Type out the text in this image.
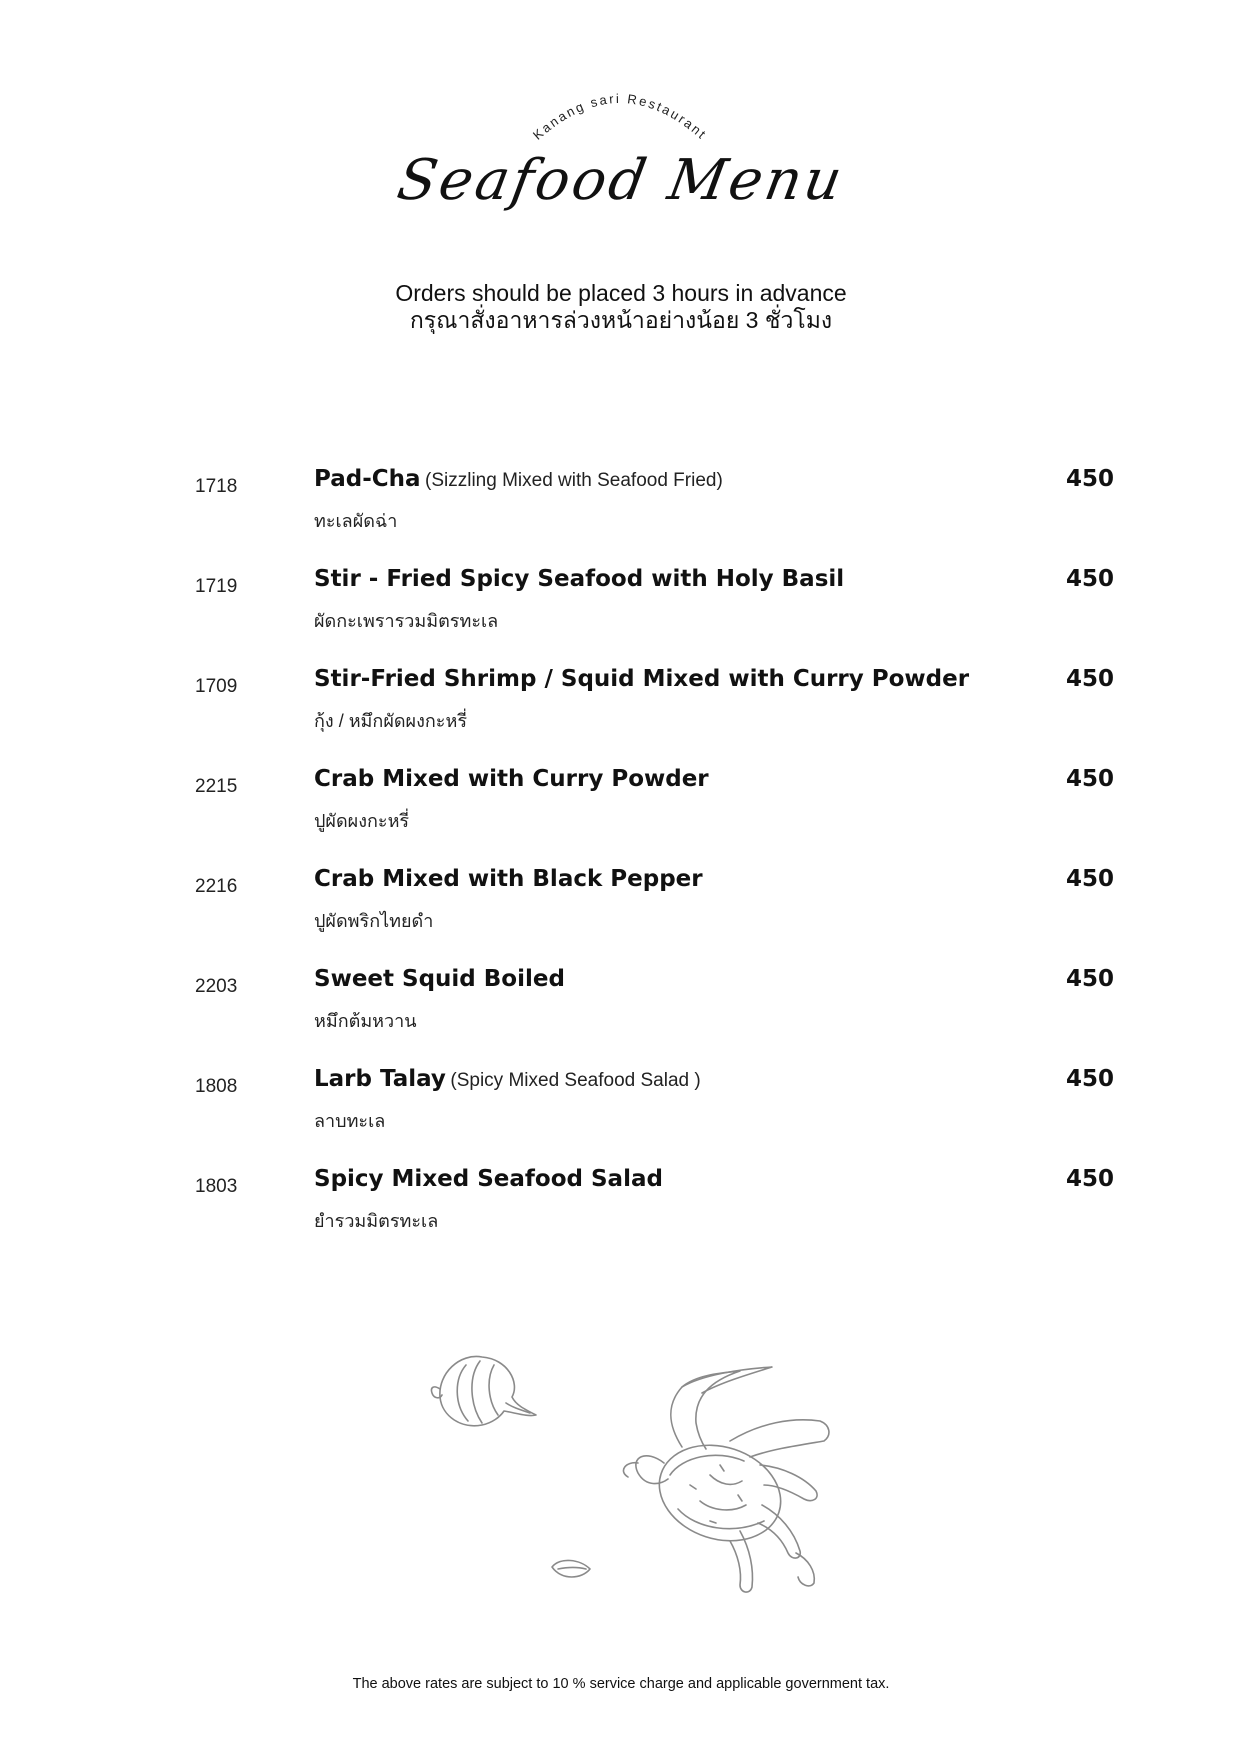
Kanang sari Restaurant
Seafood Menu
Orders should be placed 3 hours in advance
กรุณาสั่งอาหารล่วงหน้าอย่างน้อย 3 ชั่วโมง
1718	Pad-Cha (Sizzling Mixed with Seafood Fried)
ทะเลผัดฉ่า
450
1719	Stir - Fried Spicy Seafood with Holy Basil
ผัดกะเพรารวมมิตรทะเล
450
1709	Stir-Fried Shrimp / Squid Mixed with Curry Powder
กุ้ง / หมึกผัดผงกะหรี่
450
2215	Crab Mixed with Curry Powder
ปูผัดผงกะหรี่
450
2216	Crab Mixed with Black Pepper
ปูผัดพริกไทยดำ
450
2203	Sweet Squid Boiled
หมึกต้มหวาน
450
1808	Larb Talay (Spicy Mixed Seafood Salad )
ลาบทะเล
450
1803	Spicy Mixed Seafood Salad
ยำรวมมิตรทะเล
450
The above rates are subject to 10 % service charge and applicable government tax.
